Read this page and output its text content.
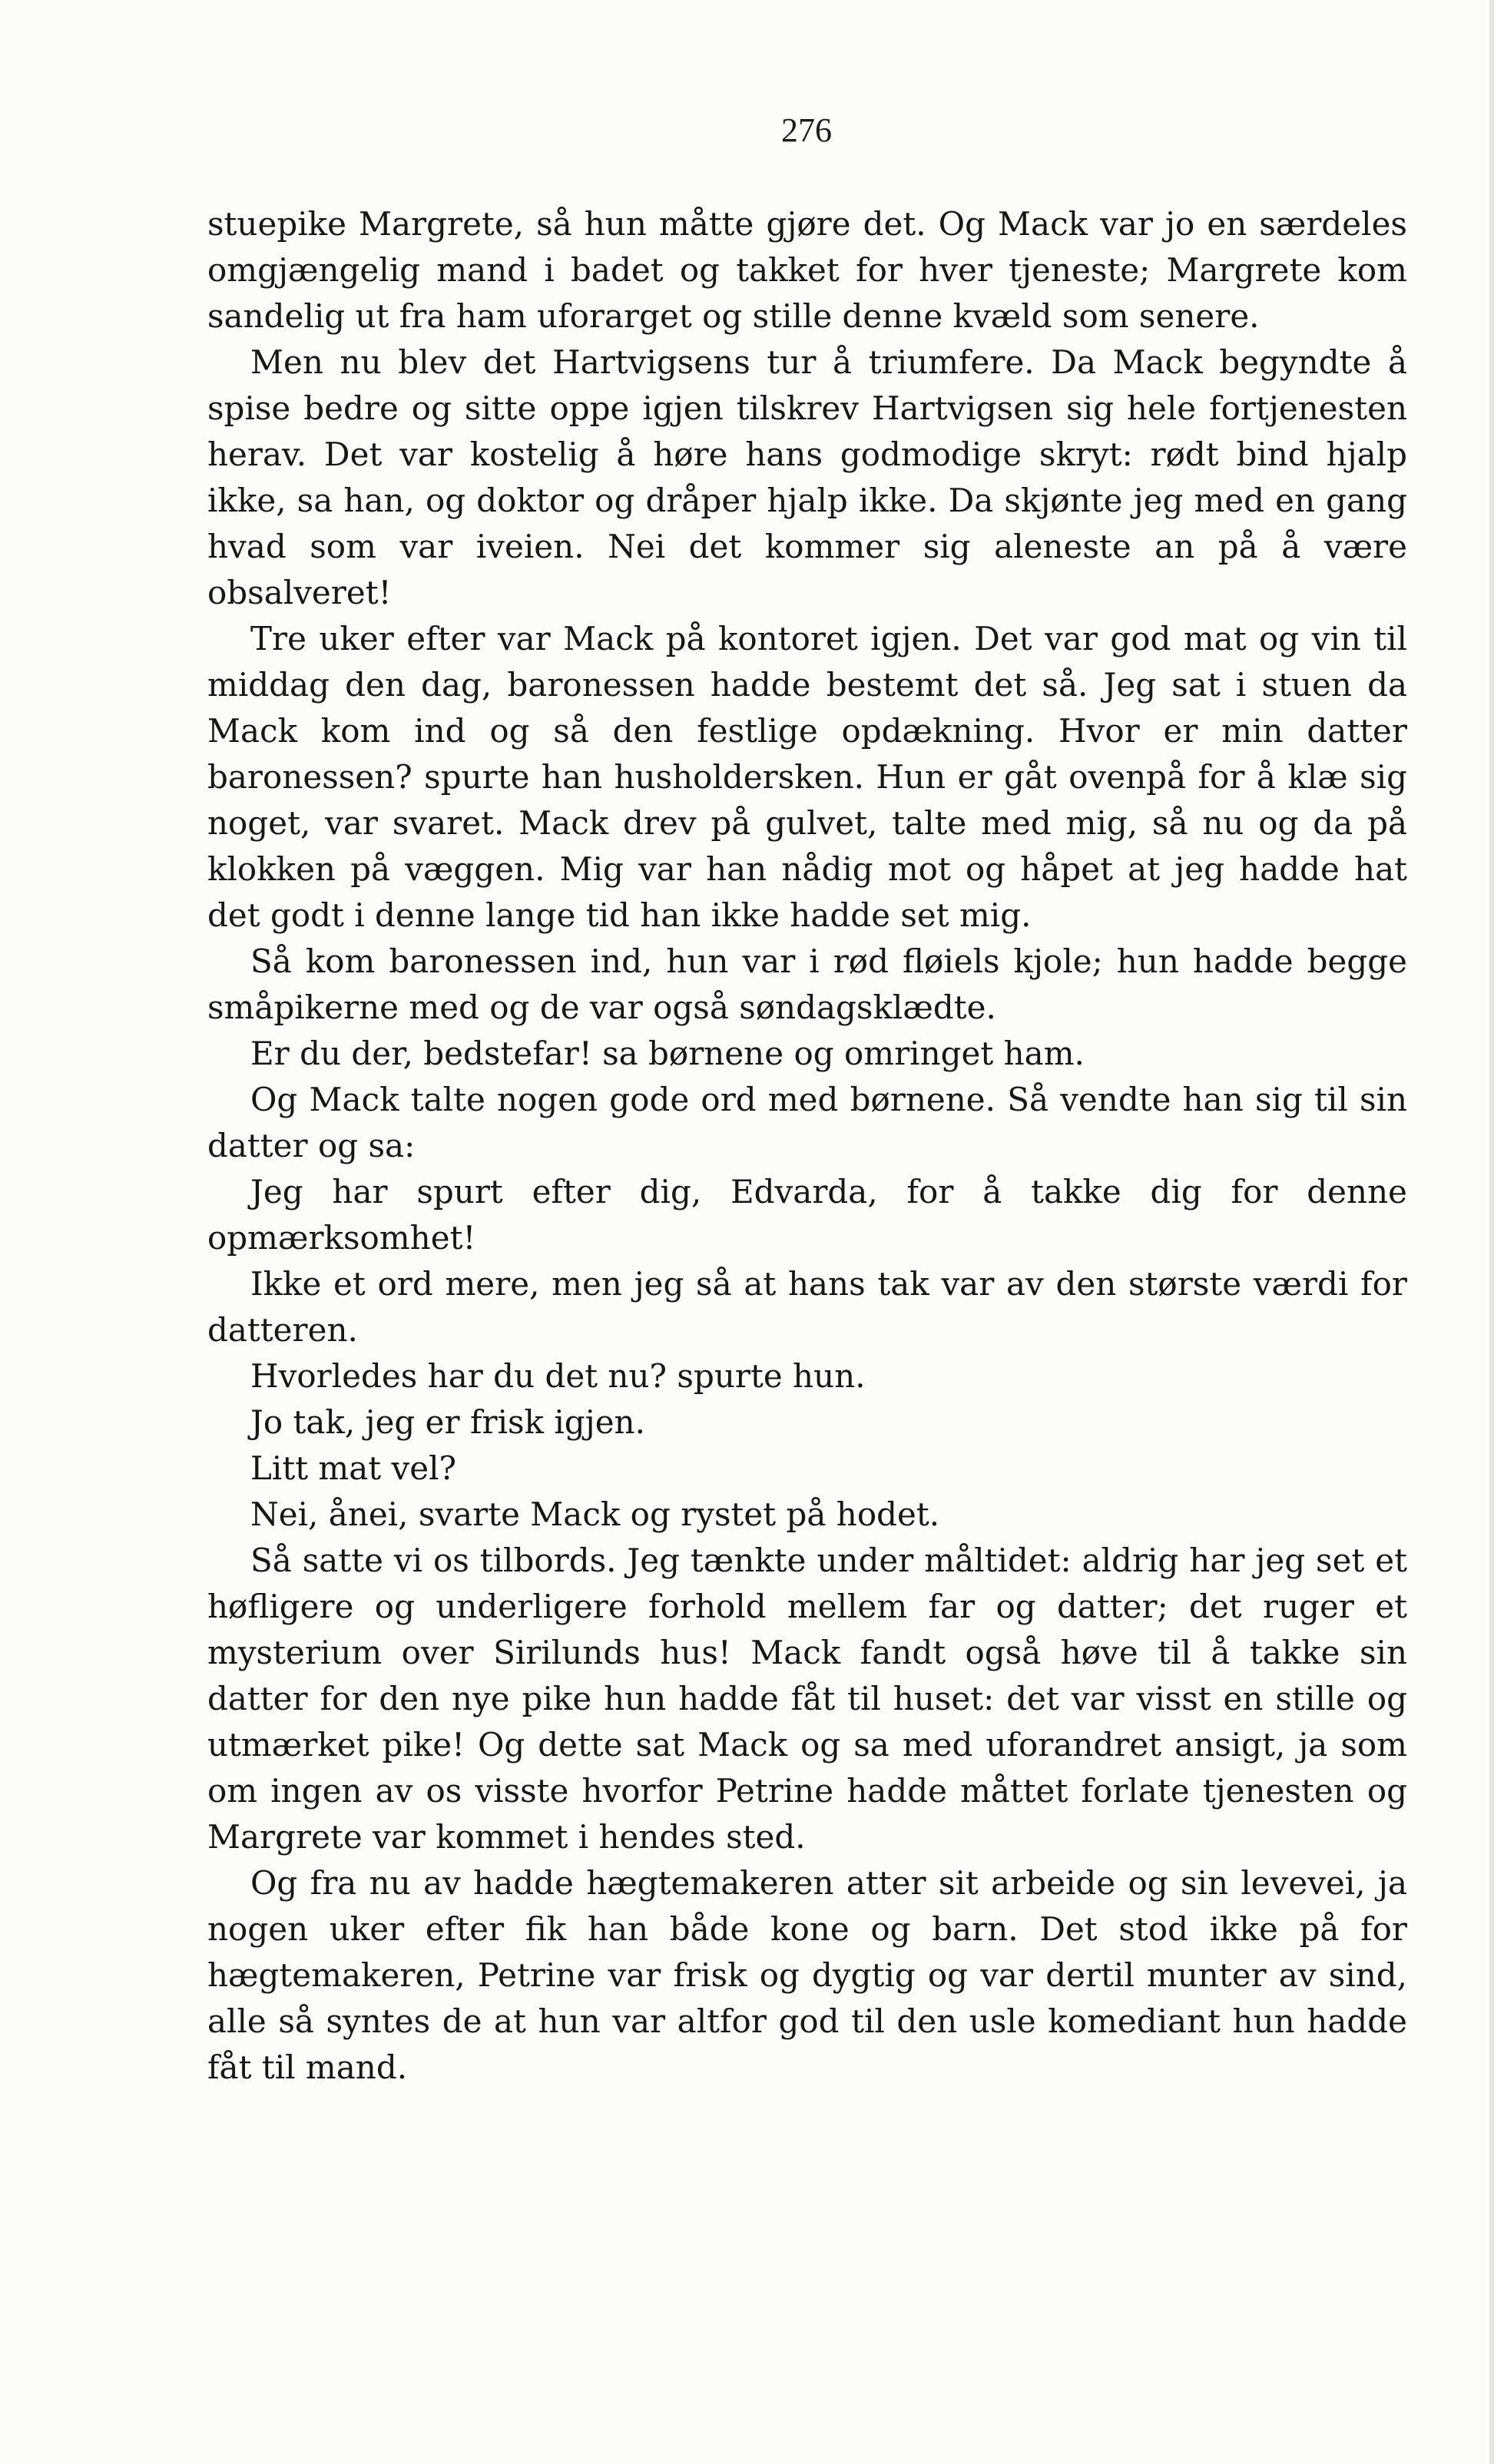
276

stuepike Margrete, så hun måtte gjøre det. Og Mack var jo en særdeles omgjængelig mand i badet og takket for hver tjeneste; Margrete kom sandelig ut fra ham uforarget og stille denne kvæld som senere.

Men nu blev det Hartvigsens tur å triumfere. Da Mack begyndte å spise bedre og sitte oppe igjen tilskrev Hartvigsen sig hele fortjenesten herav. Det var kostelig å høre hans godmodige skryt: rødt bind hjalp ikke, sa han, og doktor og dråper hjalp ikke. Da skjønte jeg med en gang hvad som var iveien. Nei det kommer sig aleneste an på å være obsalveret!

Tre uker efter var Mack på kontoret igjen. Det var god mat og vin til middag den dag, baronessen hadde bestemt det så. Jeg sat i stuen da Mack kom ind og så den festlige opdækning. Hvor er min datter baronessen? spurte han husholdersken. Hun er gåt ovenpå for å klæ sig noget, var svaret. Mack drev på gulvet, talte med mig, så nu og da på klokken på væggen. Mig var han nådig mot og håpet at jeg hadde hat det godt i denne lange tid han ikke hadde set mig.

Så kom baronessen ind, hun var i rød fløiels kjole; hun hadde begge småpikerne med og de var også søndagsklædte.

Er du der, bedstefar! sa børnene og omringet ham.

Og Mack talte nogen gode ord med børnene. Så vendte han sig til sin datter og sa:

Jeg har spurt efter dig, Edvarda, for å takke dig for denne opmærksomhet!

Ikke et ord mere, men jeg så at hans tak var av den største værdi for datteren.

Hvorledes har du det nu? spurte hun.

Jo tak, jeg er frisk igjen.

Litt mat vel?

Nei, ånei, svarte Mack og rystet på hodet.

Så satte vi os tilbords. Jeg tænkte under måltidet: aldrig har jeg set et høfligere og underligere forhold mellem far og datter; det ruger et mysterium over Sirilunds hus! Mack fandt også høve til å takke sin datter for den nye pike hun hadde fåt til huset: det var visst en stille og utmærket pike! Og dette sat Mack og sa med uforandret ansigt, ja som om ingen av os visste hvorfor Petrine hadde måttet forlate tjenesten og Margrete var kommet i hendes sted.

Og fra nu av hadde hægtemakeren atter sit arbeide og sin levevei, ja nogen uker efter fik han både kone og barn. Det stod ikke på for hægtemakeren, Petrine var frisk og dygtig og var dertil munter av sind, alle så syntes de at hun var altfor god til den usle komediant hun hadde fåt til mand.
